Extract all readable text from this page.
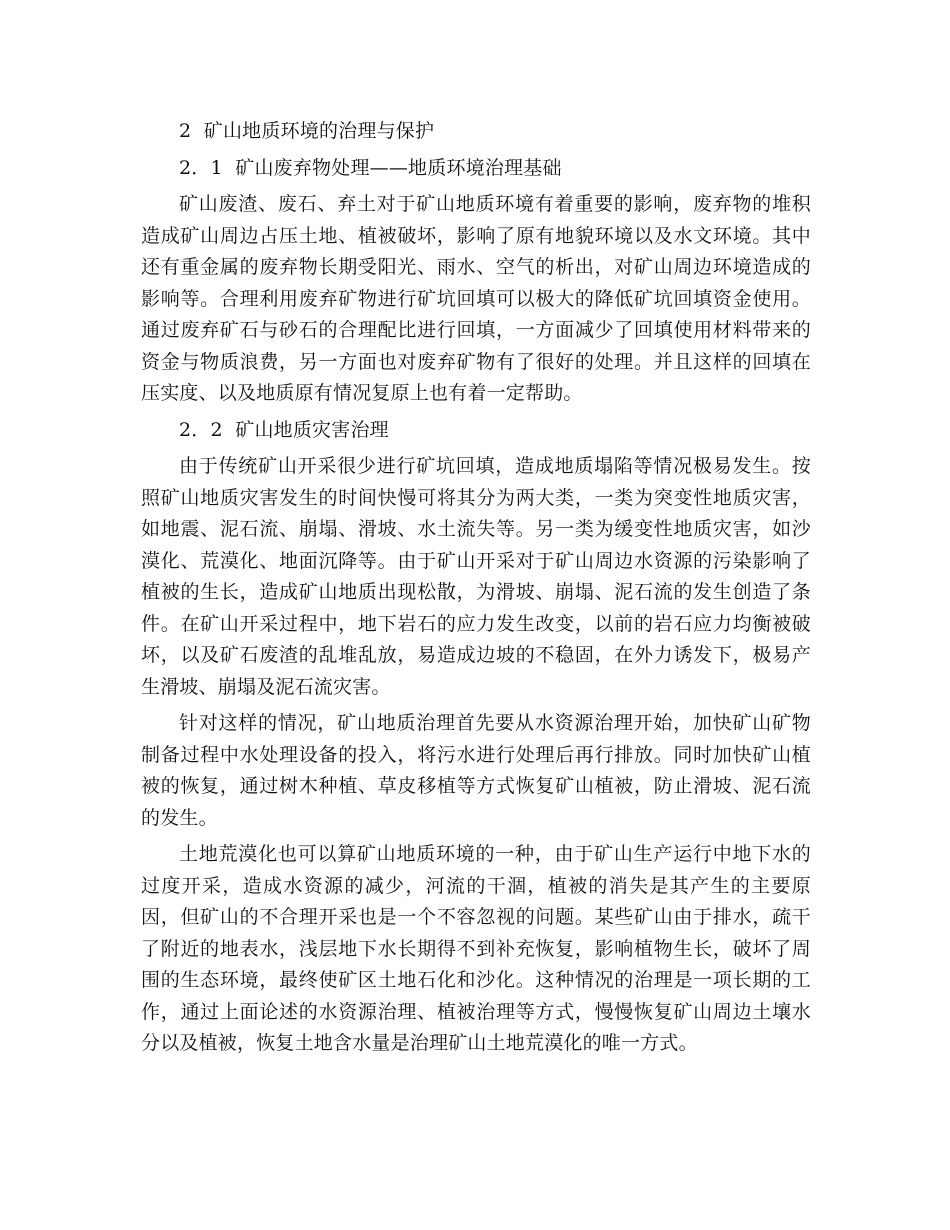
2  矿山地质环境的治理与保护

2．1  矿山废弃物处理——地质环境治理基础

矿山废渣、废石、弃土对于矿山地质环境有着重要的影响，废弃物的堆积造成矿山周边占压土地、植被破坏，影响了原有地貌环境以及水文环境。其中还有重金属的废弃物长期受阳光、雨水、空气的析出，对矿山周边环境造成的影响等。合理利用废弃矿物进行矿坑回填可以极大的降低矿坑回填资金使用。通过废弃矿石与砂石的合理配比进行回填，一方面减少了回填使用材料带来的资金与物质浪费，另一方面也对废弃矿物有了很好的处理。并且这样的回填在压实度、以及地质原有情况复原上也有着一定帮助。

2．2  矿山地质灾害治理

由于传统矿山开采很少进行矿坑回填，造成地质塌陷等情况极易发生。按照矿山地质灾害发生的时间快慢可将其分为两大类，一类为突变性地质灾害，如地震、泥石流、崩塌、滑坡、水土流失等。另一类为缓变性地质灾害，如沙漠化、荒漠化、地面沉降等。由于矿山开采对于矿山周边水资源的污染影响了植被的生长，造成矿山地质出现松散，为滑坡、崩塌、泥石流的发生创造了条件。在矿山开采过程中，地下岩石的应力发生改变，以前的岩石应力均衡被破坏，以及矿石废渣的乱堆乱放，易造成边坡的不稳固，在外力诱发下，极易产生滑坡、崩塌及泥石流灾害。

针对这样的情况，矿山地质治理首先要从水资源治理开始，加快矿山矿物制备过程中水处理设备的投入，将污水进行处理后再行排放。同时加快矿山植被的恢复，通过树木种植、草皮移植等方式恢复矿山植被，防止滑坡、泥石流的发生。

土地荒漠化也可以算矿山地质环境的一种，由于矿山生产运行中地下水的过度开采，造成水资源的减少，河流的干涸，植被的消失是其产生的主要原因，但矿山的不合理开采也是一个不容忽视的问题。某些矿山由于排水，疏干了附近的地表水，浅层地下水长期得不到补充恢复，影响植物生长，破坏了周围的生态环境，最终使矿区土地石化和沙化。这种情况的治理是一项长期的工作，通过上面论述的水资源治理、植被治理等方式，慢慢恢复矿山周边土壤水分以及植被，恢复土地含水量是治理矿山土地荒漠化的唯一方式。
